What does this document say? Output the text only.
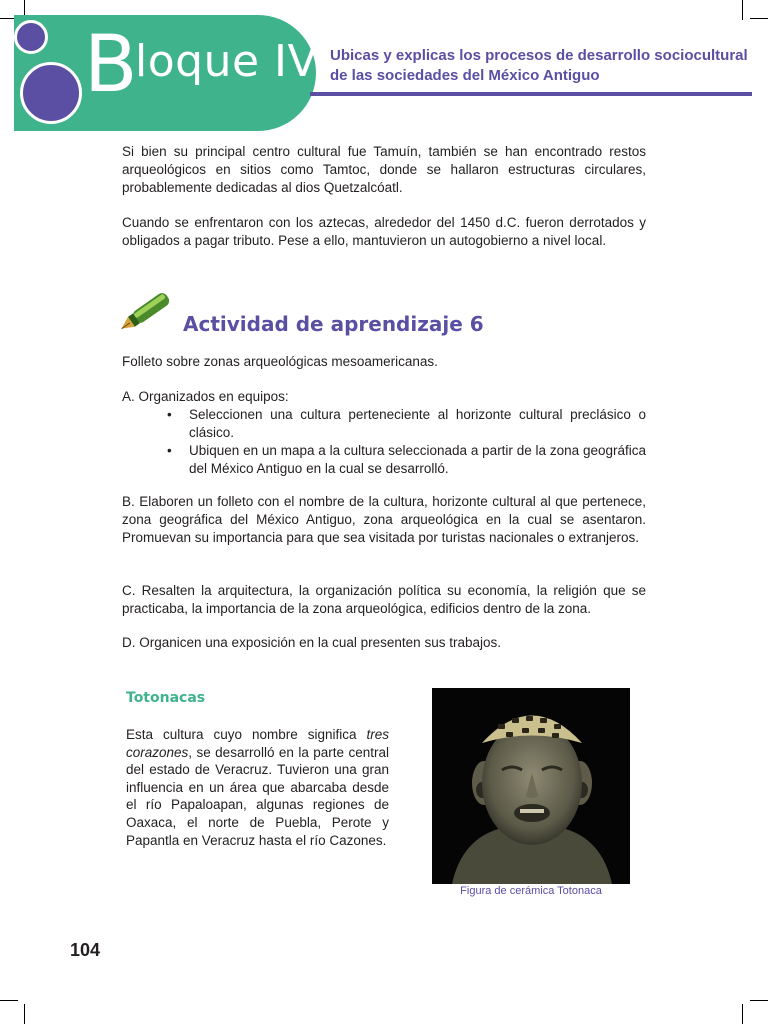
B
loque IV Ubicas y explicas los procesos de desarrollo sociocultural
de las sociedades del México Antiguo
Si bien su principal centro cultural fue Tamuín, también se han encontrado restos arqueológicos en sitios como Tamtoc, donde se hallaron estructuras circulares, probablemente dedicadas al dios Quetzalcóatl.
Cuando se enfrentaron con los aztecas, alrededor del 1450 d.C. fueron derrotados y obligados a pagar tributo. Pese a ello, mantuvieron un autogobierno a nivel local.
Actividad de aprendizaje 6
Folleto sobre zonas arqueológicas mesoamericanas.
A. Organizados en equipos:
• Seleccionen una cultura perteneciente al horizonte cultural preclásico o clásico.
• Ubiquen en un mapa a la cultura seleccionada a partir de la zona geográfica del México Antiguo en la cual se desarrolló.
B. Elaboren un folleto con el nombre de la cultura, horizonte cultural al que pertenece, zona geográfica del México Antiguo, zona arqueológica en la cual se asentaron. Promuevan su importancia para que sea visitada por turistas nacionales o extranjeros.
C. Resalten la arquitectura, la organización política su economía, la religión que se practicaba, la importancia de la zona arqueológica, edificios dentro de la zona.
D. Organicen una exposición en la cual presenten sus trabajos.
Totonacas
Esta cultura cuyo nombre significa tres corazones, se desarrolló en la parte central del estado de Veracruz. Tuvieron una gran influencia en un área que abarcaba desde el río Papaloapan, algunas regiones de Oaxaca, el norte de Puebla, Perote y Papantla en Veracruz hasta el río Cazones.
Figura de cerámica Totonaca
104
